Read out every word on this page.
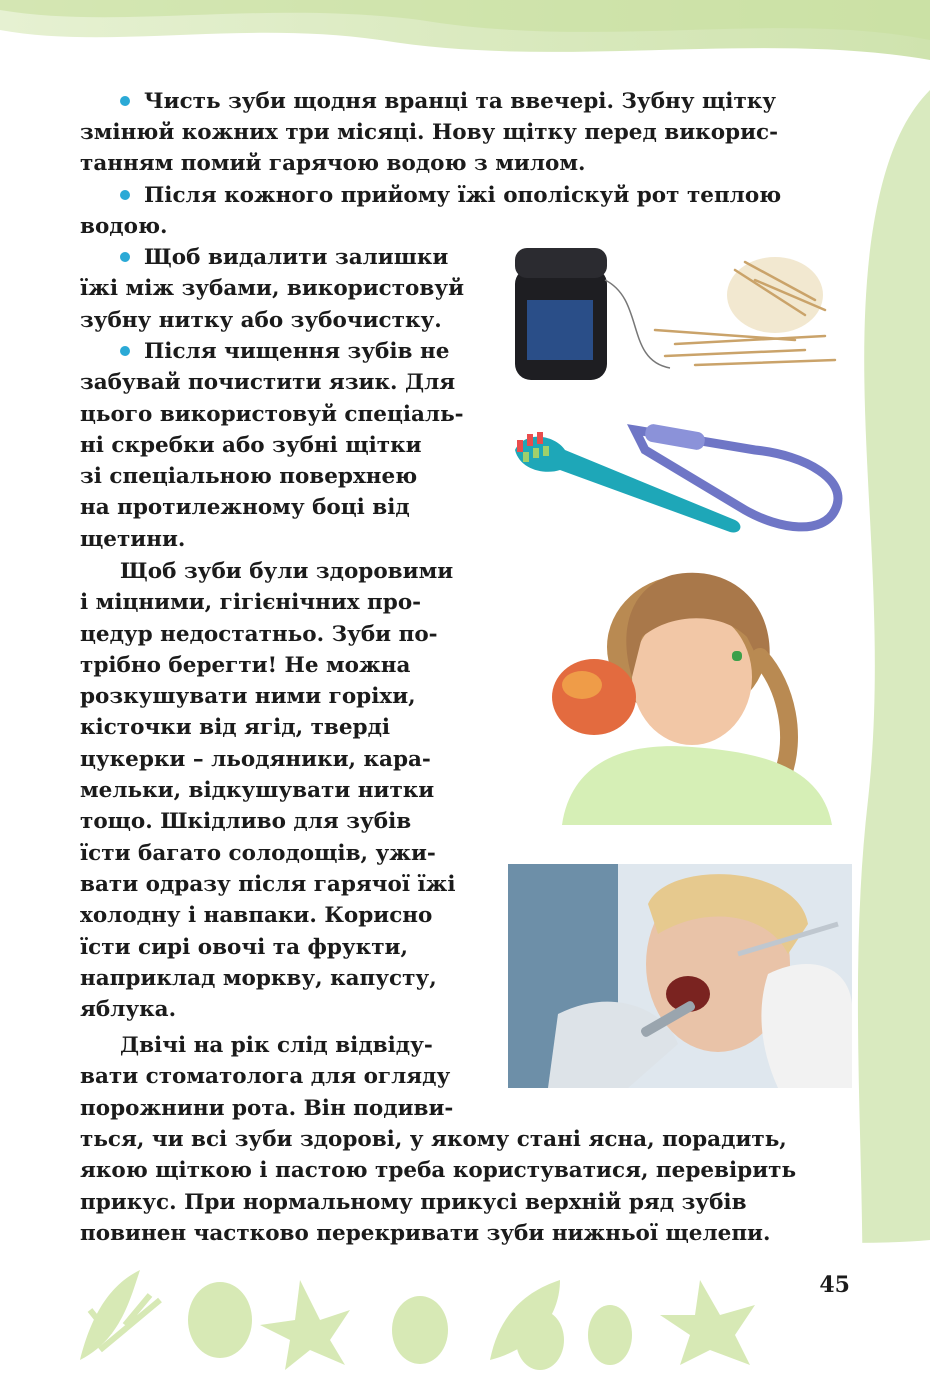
Чисть зуби щодня вранці та ввечері. Зубну щітку

змінюй кожних три місяці. Нову щітку перед викорис-

танням помий гарячою водою з милом.

Після кожного прийому їжі ополіскуй рот теплою

водою.

Щоб видалити залишки

їжі між зубами, використовуй

зубну нитку або зубочистку.

Після чищення зубів не

забувай почистити язик. Для

цього використовуй спеціаль-

ні скребки або зубні щітки

зі спеціальною поверхнею

на протилежному боці від

щетини.

Щоб зуби були здоровими

і міцними, гігієнічних про-

цедур недостатньо. Зуби по-

трібно берегти! Не можна

розкушувати ними горіхи,

кісточки від ягід, тверді

цукерки – льодяники, кара-

мельки, відкушувати нитки

тощо. Шкідливо для зубів

їсти багато солодощів, ужи-

вати одразу після гарячої їжі

холодну і навпаки. Корисно

їсти сирі овочі та фрукти,

наприклад моркву, капусту,

яблука.

Двічі на рік слід відвіду-

вати стоматолога для огляду

порожнини рота. Він подиви-

ться, чи всі зуби здорові, у якому стані ясна, порадить,

якою щіткою і пастою треба користуватися, перевірить

прикус. При нормальному прикусі верхній ряд зубів

повинен частково перекривати зуби нижньої щелепи.

45
